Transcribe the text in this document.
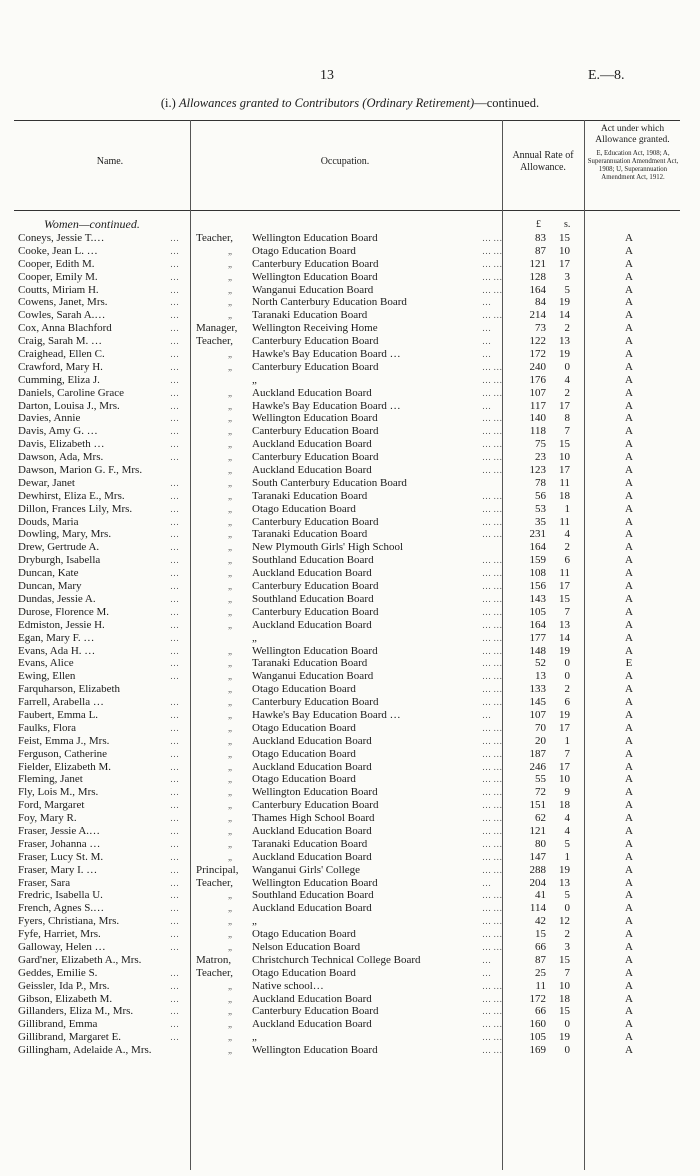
13	E.—8.
(i.) Allowances granted to Contributors (Ordinary Retirement)—continued.
Name.	Occupation.
Annual Rate of Allowance.
Act under which Allowance granted.
E, Education Act, 1908; A, Superannuation Amendment Act, 1908; U, Superannuation Amendment Act, 1912.
Women—continued.	£ s.
Coneys, Jessie T.…	…	Teacher, Wellington Education Board	… …	83	15	A
Cooke, Jean L. …	…	„ Otago Education Board	… …	87	10	A
Cooper, Edith M.	…	„ Canterbury Education Board	… …	121	17	A
Cooper, Emily M.	…	„ Wellington Education Board	… …	128	3	A
Coutts, Miriam H.	…	„ Wanganui Education Board	… …	164	5	A
Cowens, Janet, Mrs.	…	„ North Canterbury Education Board	…	84	19	A
Cowles, Sarah A.…	…	„ Taranaki Education Board	… …	214	14	A
Cox, Anna Blachford	…	Manager, Wellington Receiving Home	…	73	2	A
Craig, Sarah M. …	…	Teacher, Canterbury Education Board	…	122	13	A
Craighead, Ellen C.	…	„ Hawke's Bay Education Board …	…	172	19	A
Crawford, Mary H.	…	„ Canterbury Education Board	… …	240	0	A
Cumming, Eliza J.	…	„	… …	176	4	A
Daniels, Caroline Grace	…	„ Auckland Education Board	… …	107	2	A
Darton, Louisa J., Mrs.	…	„ Hawke's Bay Education Board …	…	117	17	A
Davies, Annie	…	„ Wellington Education Board	… …	140	8	A
Davis, Amy G. …	…	„ Canterbury Education Board	… …	118	7	A
Davis, Elizabeth …	…	„ Auckland Education Board	… …	75	15	A
Dawson, Ada, Mrs.	…	„ Canterbury Education Board	… …	23	10	A
Dawson, Marion G. F., Mrs.	„ Auckland Education Board	… …	123	17	A
Dewar, Janet	…	„ South Canterbury Education Board	78	11	A
Dewhirst, Eliza E., Mrs.	…	„ Taranaki Education Board	… …	56	18	A
Dillon, Frances Lily, Mrs.	…	„ Otago Education Board	… …	53	1	A
Douds, Maria	…	„ Canterbury Education Board	… …	35	11	A
Dowling, Mary, Mrs.	…	„ Taranaki Education Board	… …	231	4	A
Drew, Gertrude A.	…	„ New Plymouth Girls' High School	164	2	A
Dryburgh, Isabella	…	„ Southland Education Board	… …	159	6	A
Duncan, Kate	…	„ Auckland Education Board	… …	108	11	A
Duncan, Mary	…	„ Canterbury Education Board	… …	156	17	A
Dundas, Jessie A.	…	„ Southland Education Board	… …	143	15	A
Durose, Florence M.	…	„ Canterbury Education Board	… …	105	7	A
Edmiston, Jessie H.	…	„ Auckland Education Board	… …	164	13	A
Egan, Mary F. …	…	„	… …	177	14	A
Evans, Ada H. …	…	„ Wellington Education Board	… …	148	19	A
Evans, Alice	…	„ Taranaki Education Board	… …	52	0	E
Ewing, Ellen	…	„ Wanganui Education Board	… …	13	0	A
Farquharson, Elizabeth	„ Otago Education Board	… …	133	2	A
Farrell, Arabella …	…	„ Canterbury Education Board	… …	145	6	A
Faubert, Emma L.	…	„ Hawke's Bay Education Board …	…	107	19	A
Faulks, Flora	…	„ Otago Education Board	… …	70	17	A
Feist, Emma J., Mrs.	…	„ Auckland Education Board	… …	20	1	A
Ferguson, Catherine	…	„ Otago Education Board	… …	187	7	A
Fielder, Elizabeth M.	…	„ Auckland Education Board	… …	246	17	A
Fleming, Janet	…	„ Otago Education Board	… …	55	10	A
Fly, Lois M., Mrs.	…	„ Wellington Education Board	… …	72	9	A
Ford, Margaret	…	„ Canterbury Education Board	… …	151	18	A
Foy, Mary R.	…	„ Thames High School Board	… …	62	4	A
Fraser, Jessie A.…	…	„ Auckland Education Board	… …	121	4	A
Fraser, Johanna …	…	„ Taranaki Education Board	… …	80	5	A
Fraser, Lucy St. M.	…	„ Auckland Education Board	… …	147	1	A
Fraser, Mary I. …	…	Principal, Wanganui Girls' College	… …	288	19	A
Fraser, Sara	…	Teacher, Wellington Education Board	…	204	13	A
Fredric, Isabella U.	…	„ Southland Education Board	… …	41	5	A
French, Agnes S.…	…	„ Auckland Education Board	… …	114	0	A
Fyers, Christiana, Mrs.	…	„ „	… …	42	12	A
Fyfe, Harriet, Mrs.	…	„ Otago Education Board	… …	15	2	A
Galloway, Helen …	…	„ Nelson Education Board	… …	66	3	A
Gard'ner, Elizabeth A., Mrs.	Matron, Christchurch Technical College Board	…	87	15	A
Geddes, Emilie S.	…	Teacher, Otago Education Board	…	25	7	A
Geissler, Ida P., Mrs.	…	„ Native school…	… …	11	10	A
Gibson, Elizabeth M.	…	„ Auckland Education Board	… …	172	18	A
Gillanders, Eliza M., Mrs.	…	„ Canterbury Education Board	… …	66	15	A
Gillibrand, Emma	…	„ Auckland Education Board	… …	160	0	A
Gillibrand, Margaret E.	…	„ „	… …	105	19	A
Gillingham, Adelaide A., Mrs.	„ Wellington Education Board	… …	169	0	A
